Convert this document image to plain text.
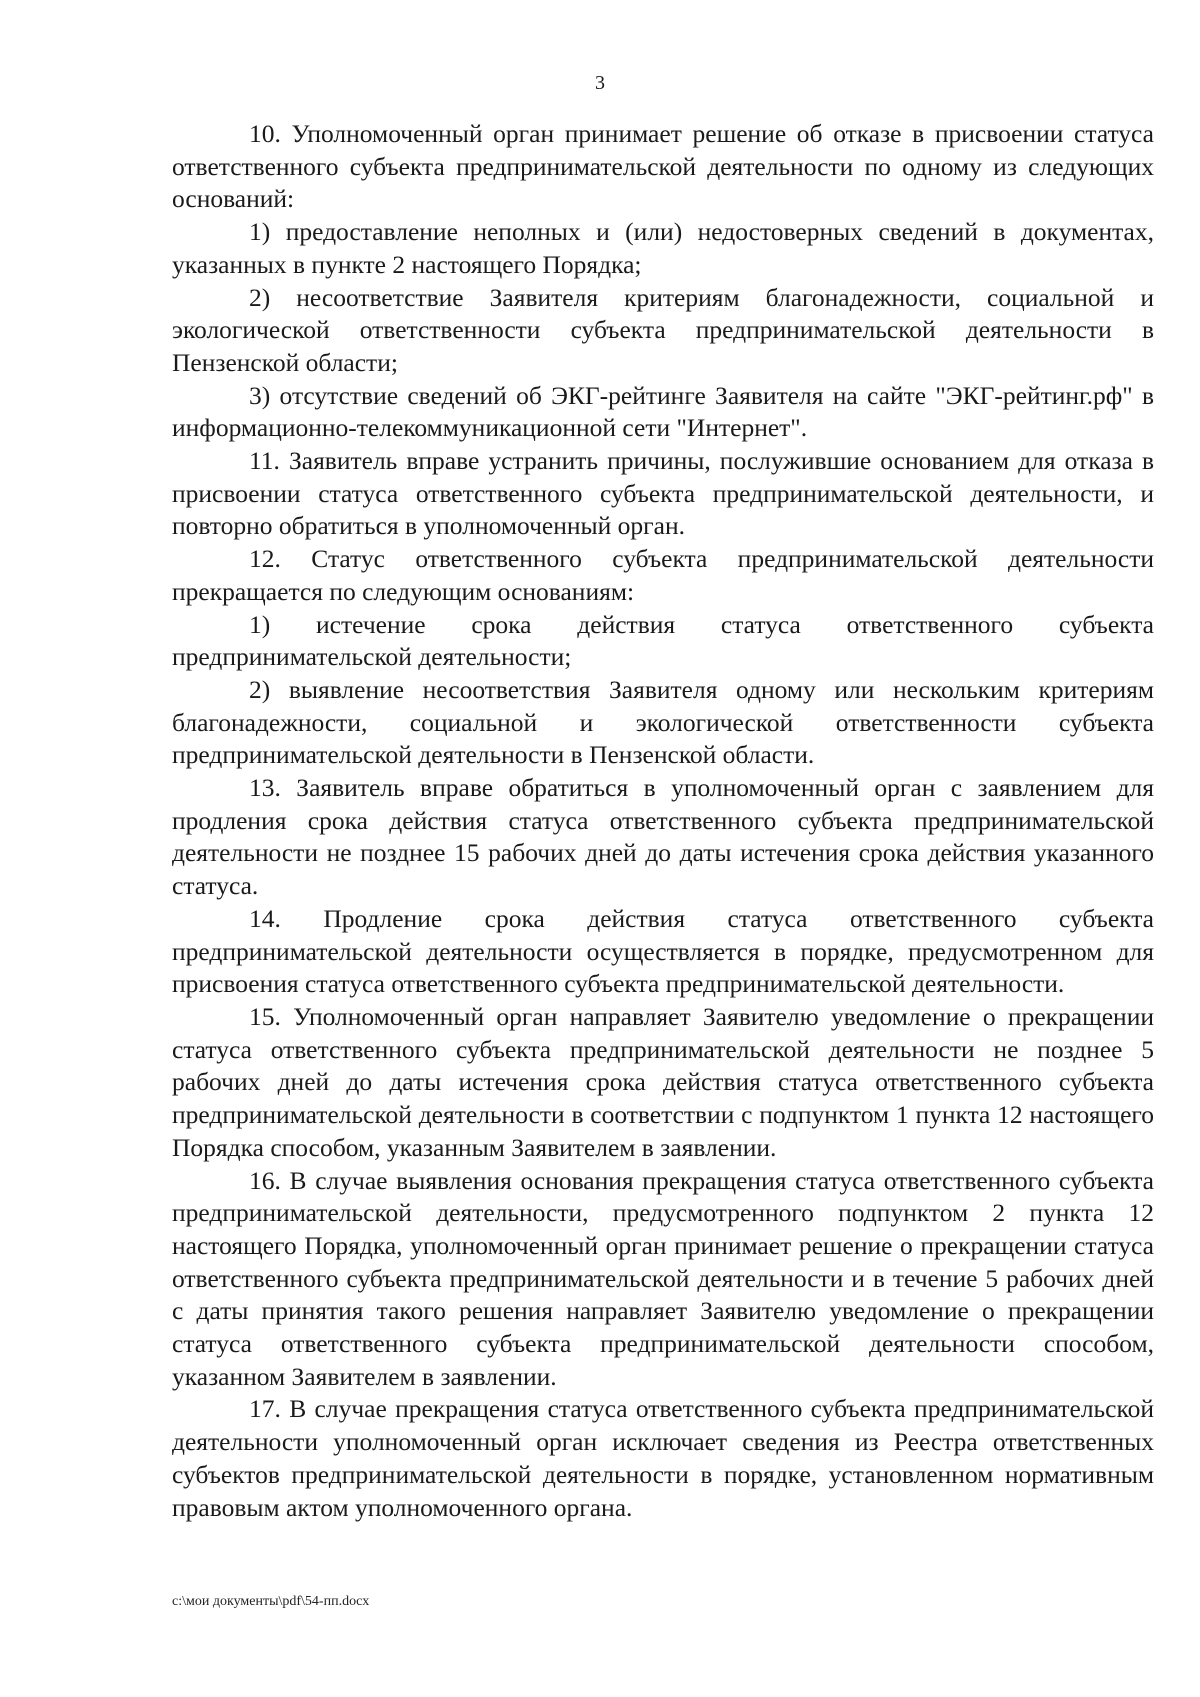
3

10. Уполномоченный орган принимает решение об отказе в присвоении статуса ответственного субъекта предпринимательской деятельности по одному из следующих оснований:

1) предоставление неполных и (или) недостоверных сведений в документах, указанных в пункте 2 настоящего Порядка;

2) несоответствие Заявителя критериям благонадежности, социальной и экологической ответственности субъекта предпринимательской деятельности в Пензенской области;

3) отсутствие сведений об ЭКГ-рейтинге Заявителя на сайте "ЭКГ-рейтинг.рф" в информационно-телекоммуникационной сети "Интернет".

11. Заявитель вправе устранить причины, послужившие основанием для отказа в присвоении статуса ответственного субъекта предпринимательской деятельности, и повторно обратиться в уполномоченный орган.

12. Статус ответственного субъекта предпринимательской деятельности прекращается по следующим основаниям:

1) истечение срока действия статуса ответственного субъекта предпринимательской деятельности;

2) выявление несоответствия Заявителя одному или нескольким критериям благонадежности, социальной и экологической ответственности субъекта предпринимательской деятельности в Пензенской области.

13. Заявитель вправе обратиться в уполномоченный орган с заявлением для продления срока действия статуса ответственного субъекта предпринимательской деятельности не позднее 15 рабочих дней до даты истечения срока действия указанного статуса.

14. Продление срока действия статуса ответственного субъекта предпринимательской деятельности осуществляется в порядке, предусмотренном для присвоения статуса ответственного субъекта предпринимательской деятельности.

15. Уполномоченный орган направляет Заявителю уведомление о прекращении статуса ответственного субъекта предпринимательской деятельности не позднее 5 рабочих дней до даты истечения срока действия статуса ответственного субъекта предпринимательской деятельности в соответствии с подпунктом 1 пункта 12 настоящего Порядка способом, указанным Заявителем в заявлении.

16. В случае выявления основания прекращения статуса ответственного субъекта предпринимательской деятельности, предусмотренного подпунктом 2 пункта 12 настоящего Порядка, уполномоченный орган принимает решение о прекращении статуса ответственного субъекта предпринимательской деятельности и в течение 5 рабочих дней с даты принятия такого решения направляет Заявителю уведомление о прекращении статуса ответственного субъекта предпринимательской деятельности способом, указанном Заявителем в заявлении.

17. В случае прекращения статуса ответственного субъекта предпринимательской деятельности уполномоченный орган исключает сведения из Реестра ответственных субъектов предпринимательской деятельности в порядке, установленном нормативным правовым актом уполномоченного органа.

c:\мои документы\pdf\54-пп.docx
